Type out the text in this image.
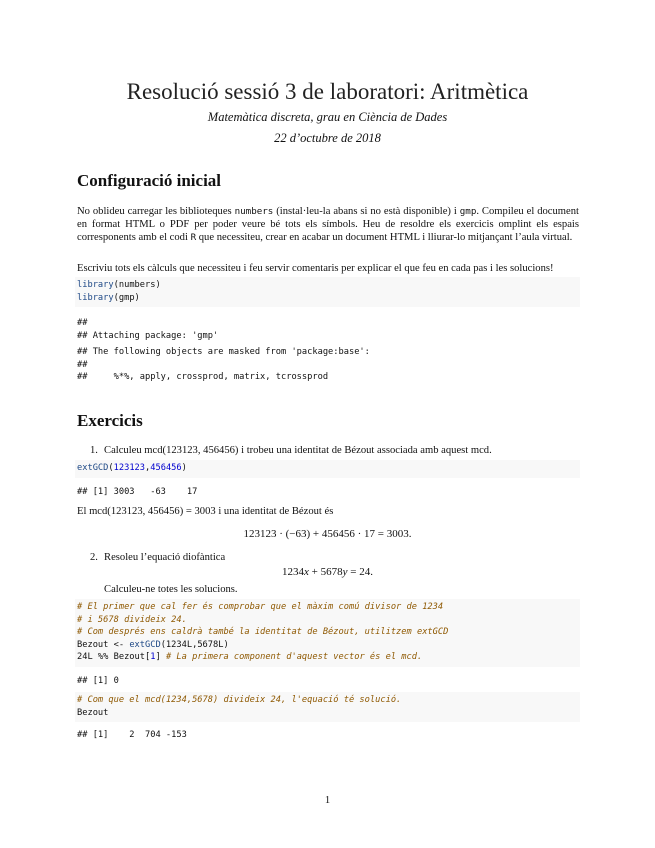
Resolució sessió 3 de laboratori: Aritmètica
Matemàtica discreta, grau en Ciència de Dades
22 d’octubre de 2018
Configuració inicial

No oblideu carregar les biblioteques numbers (instal·leu-la abans si no està disponible) i gmp. Compileu el document en format HTML o PDF per poder veure bé tots els símbols. Heu de resoldre els exercicis omplint els espais corresponents amb el codi R que necessiteu, crear en acabar un document HTML i lliurar-lo mitjançant l’aula virtual.

Escriviu tots els càlculs que necessiteu i feu servir comentaris per explicar el que feu en cada pas i les solucions!

library(numbers)
library(gmp)
##
## Attaching package: 'gmp'
## The following objects are masked from 'package:base':
##
##     %*%, apply, crossprod, matrix, tcrossprod
Exercicis
1. Calculeu mcd(123123, 456456) i trobeu una identitat de Bézout associada amb aquest mcd.
extGCD(123123,456456)
## [1] 3003   -63    17

El mcd(123123, 456456) = 3003 i una identitat de Bézout és

123123 · (−63) + 456456 · 17 = 3003.
2. Resoleu l’equació diofàntica
1234x + 5678y = 24.
Calculeu-ne totes les solucions.
# El primer que cal fer és comprobar que el màxim comú divisor de 1234
# i 5678 divideix 24.
# Com després ens caldrà també la identitat de Bézout, utilitzem extGCD
Bezout <- extGCD(1234L,5678L)
24L %% Bezout[1] # La primera component d'aquest vector és el mcd.
## [1] 0
# Com que el mcd(1234,5678) divideix 24, l'equació té solució.
Bezout
## [1]    2  704 -153
1
